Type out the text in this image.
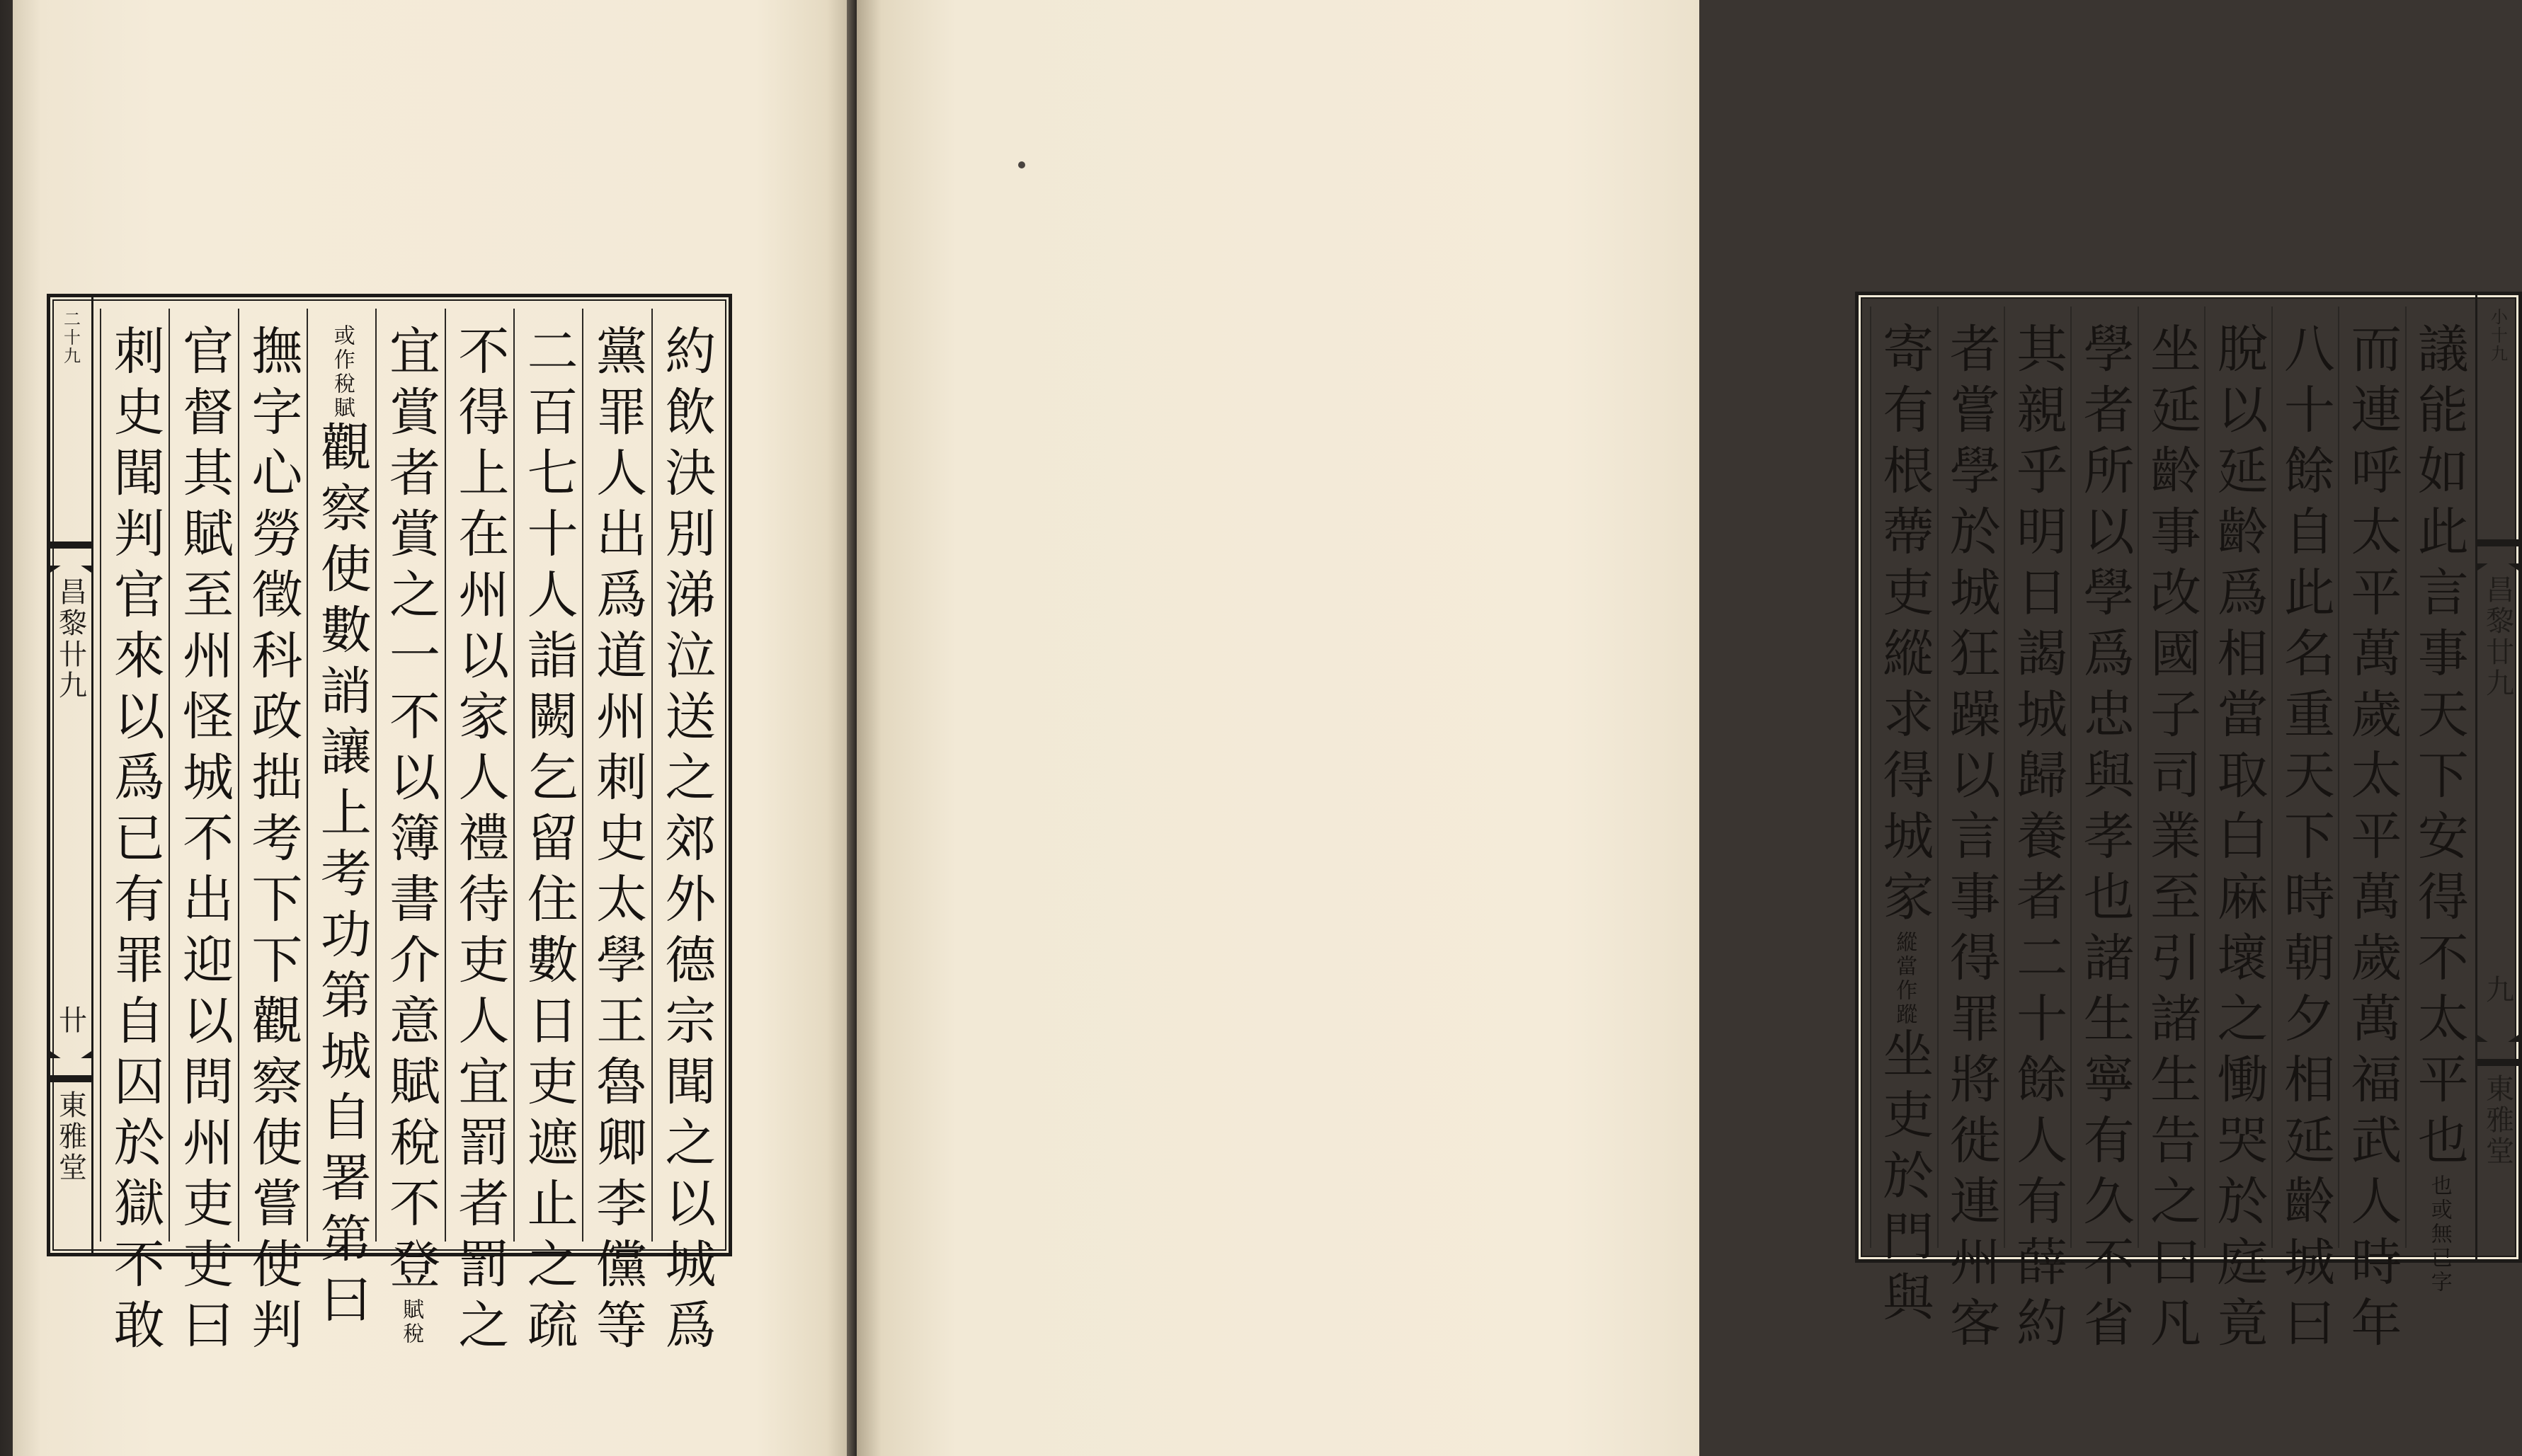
二十九
昌黎卄九
卄
東雅堂	約飲決別涕泣送之郊外德宗聞之以城爲
黨罪人出爲道州刺史太學王魯卿李儻等
二百七十人詣闕乞留住數日吏遮止之疏
不得上在州以家人禮待吏人宜罰者罰之
宜賞者賞之一不以簿書介意賦稅不登賦稅
或作稅賦觀察使數誚讓上考功第城自署第曰
撫字心勞徵科政拙考下下觀察使嘗使判
官督其賦至州怪城不出迎以問州吏吏曰
刺史聞判官來以爲已有罪自囚於獄不敢	小十九
昌黎廿九
九
東雅堂
議能如此言事天下安得不太平也也或無已字
而連呼太平萬歲太平萬歲萬福武人時年
八十餘自此名重天下時朝夕相延齡城曰
脫以延齡爲相當取白麻壞之慟哭於庭竟
坐延齡事改國子司業至引諸生告之曰凡
學者所以學爲忠與孝也諸生寧有久不省
其親乎明日謁城歸養者二十餘人有薛約
者嘗學於城狂躁以言事得罪將徙連州客
寄有根蔕吏縱求得城家縱當作蹤坐吏於門與
